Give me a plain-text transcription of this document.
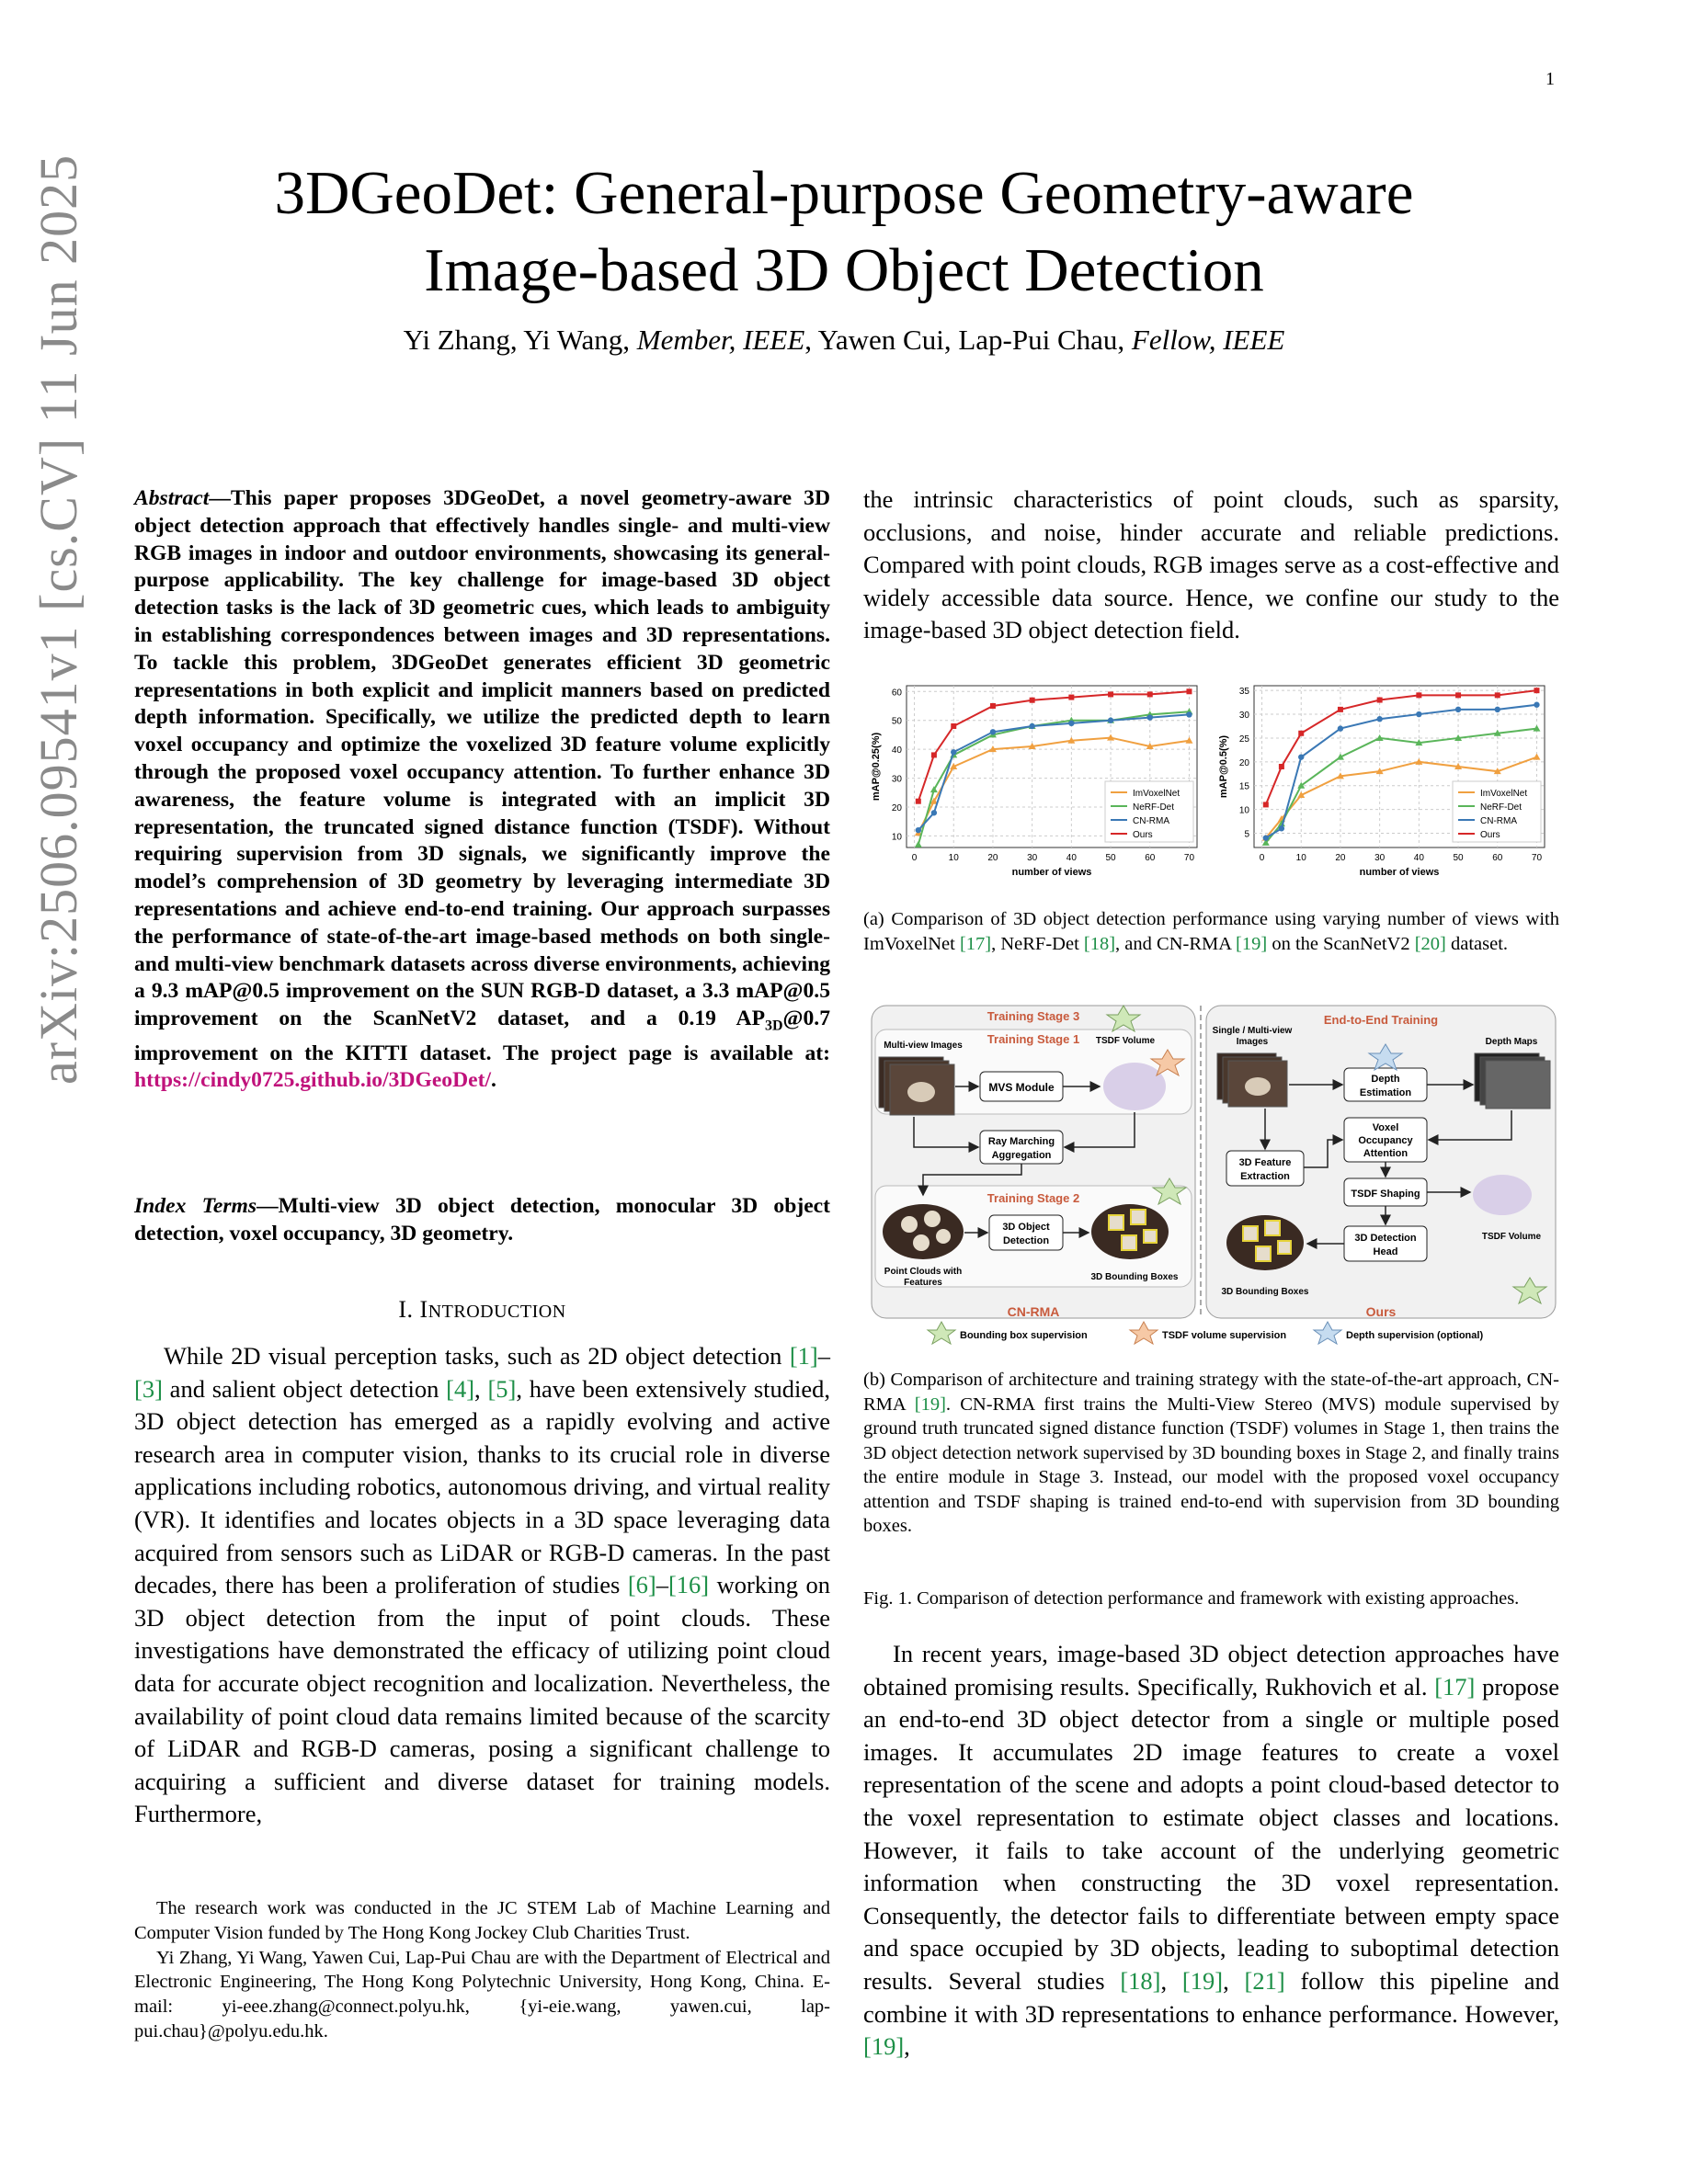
1
arXiv:2506.09541v1 [cs.CV] 11 Jun 2025	3DGeoDet: General-purpose Geometry-aware
Image-based 3D Object Detection
Yi Zhang, Yi Wang, Member, IEEE, Yawen Cui, Lap-Pui Chau, Fellow, IEEE
Abstract—This paper proposes 3DGeoDet, a novel geometry-aware 3D object detection approach that effectively handles single- and multi-view RGB images in indoor and outdoor environments, showcasing its general-purpose applicability. The key challenge for image-based 3D object detection tasks is the lack of 3D geometric cues, which leads to ambiguity in establishing correspondences between images and 3D representations. To tackle this problem, 3DGeoDet generates efficient 3D geometric representations in both explicit and implicit manners based on predicted depth information. Specifically, we utilize the predicted depth to learn voxel occupancy and optimize the voxelized 3D feature volume explicitly through the proposed voxel occupancy attention. To further enhance 3D awareness, the feature volume is integrated with an implicit 3D representation, the truncated signed distance function (TSDF). Without requiring supervision from 3D signals, we significantly improve the model’s comprehension of 3D geometry by leveraging intermediate 3D representations and achieve end-to-end training. Our approach surpasses the performance of state-of-the-art image-based methods on both single- and multi-view benchmark datasets across diverse environments, achieving a 9.3 mAP@0.5 improvement on the SUN RGB-D dataset, a 3.3 mAP@0.5 improvement on the ScanNetV2 dataset, and a 0.19 $AP_{3D}@0.7$ improvement on the KITTI dataset. The project page is available at: https://cindy0725.github.io/3DGeoDet/.
Index Terms—Multi-view 3D object detection, monocular 3D object detection, voxel occupancy, 3D geometry.
I. INTRODUCTION
While 2D visual perception tasks, such as 2D object detection [1]–[3] and salient object detection [4], [5], have been extensively studied, 3D object detection has emerged as a rapidly evolving and active research area in computer vision, thanks to its crucial role in diverse applications including robotics, autonomous driving, and virtual reality (VR). It identifies and locates objects in a 3D space leveraging data acquired from sensors such as LiDAR or RGB-D cameras. In the past decades, there has been a proliferation of studies [6]–[16] working on 3D object detection from the input of point clouds. These investigations have demonstrated the efficacy of utilizing point cloud data for accurate object recognition and localization. Nevertheless, the availability of point cloud data remains limited because of the scarcity of LiDAR and RGB-D cameras, posing a significant challenge to acquiring a sufficient and diverse dataset for training models. Furthermore,

The research work was conducted in the JC STEM Lab of Machine Learning and Computer Vision funded by The Hong Kong Jockey Club Charities Trust.

Yi Zhang, Yi Wang, Yawen Cui, Lap-Pui Chau are with the Department of Electrical and Electronic Engineering, The Hong Kong Polytechnic University, Hong Kong, China. E-mail: yi-eee.zhang@connect.polyu.hk, {yi-eie.wang, yawen.cui, lap-pui.chau}@polyu.edu.hk.

the intrinsic characteristics of point clouds, such as sparsity, occlusions, and noise, hinder accurate and reliable predictions. Compared with point clouds, RGB images serve as a cost-effective and widely accessible data source. Hence, we confine our study to the image-based 3D object detection field.
10
20
30
40
50
60
0	10	20	30	40	50	60	70
number of views
mAP@0.25(%)	ImVoxelNet
NeRF-Det
CN-RMA
Ours	5
10
15
20
25
30
35
0	10	20	30	40	50	60	70
number of views
mAP@0.5(%)	ImVoxelNet
NeRF-Det
CN-RMA
Ours
(a) Comparison of 3D object detection performance using varying number of views with ImVoxelNet [17], NeRF-Det [18], and CN-RMA [19] on the ScanNetV2 [20] dataset.
Training Stage 3
Training Stage 1
Multi-view Images
MVS Module
TSDF Volume
Ray Marching
Aggregation
Training Stage 2
Point Clouds with
Features
3D Object
Detection
3D Bounding Boxes
CN-RMA
End-to-End Training
Single / Multi-view
Images	Depth Maps
Depth
Estimation
Voxel
Occupancy
Attention
3D Feature
Extraction
TSDF Shaping
TSDF Volume
3D Detection
Head
3D Bounding Boxes
Ours
Bounding box supervision	TSDF volume supervision	Depth supervision (optional)
(b) Comparison of architecture and training strategy with the state-of-the-art approach, CN-RMA [19]. CN-RMA first trains the Multi-View Stereo (MVS) module supervised by ground truth truncated signed distance function (TSDF) volumes in Stage 1, then trains the 3D object detection network supervised by 3D bounding boxes in Stage 2, and finally trains the entire module in Stage 3. Instead, our model with the proposed voxel occupancy attention and TSDF shaping is trained end-to-end with supervision from 3D bounding boxes.
Fig. 1. Comparison of detection performance and framework with existing approaches.
In recent years, image-based 3D object detection approaches have obtained promising results. Specifically, Rukhovich et al. [17] propose an end-to-end 3D object detector from a single or multiple posed images. It accumulates 2D image features to create a voxel representation of the scene and adopts a point cloud-based detector to the voxel representation to estimate object classes and locations. However, it fails to take account of the underlying geometric information when constructing the 3D voxel representation. Consequently, the detector fails to differentiate between empty space and space occupied by 3D objects, leading to suboptimal detection results. Several studies [18], [19], [21] follow this pipeline and combine it with 3D representations to enhance performance. However, [19],
